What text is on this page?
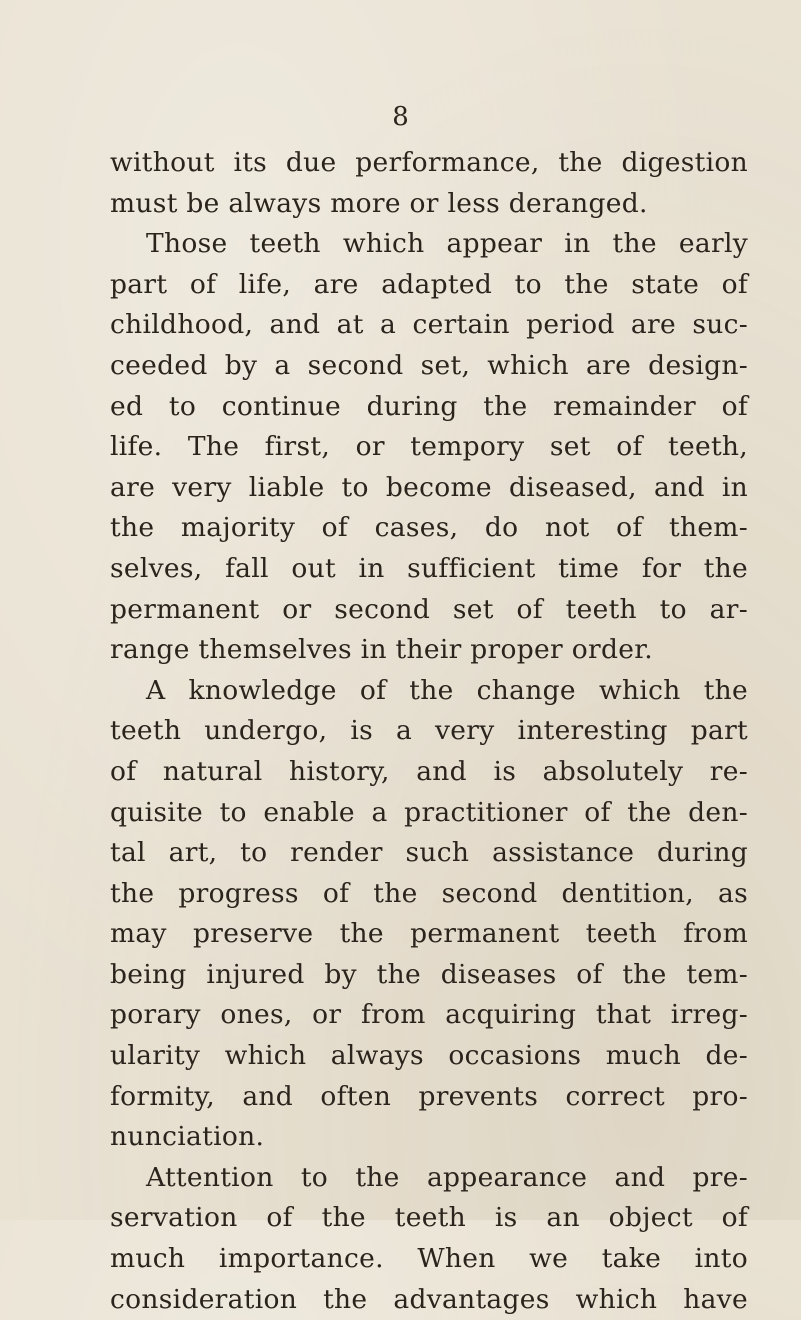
8
without its due performance, the digestion
must be always more or less deranged.
Those teeth which appear in the early
part of life, are adapted to the state of
childhood, and at a certain period are suc-
ceeded by a second set, which are design-
ed to continue during the remainder of
life. The first, or tempory set of teeth,
are very liable to become diseased, and in
the majority of cases, do not of them-
selves, fall out in sufficient time for the
permanent or second set of teeth to ar-
range themselves in their proper order.
A knowledge of the change which the
teeth undergo, is a very interesting part
of natural history, and is absolutely re-
quisite to enable a practitioner of the den-
tal art, to render such assistance during
the progress of the second dentition, as
may preserve the permanent teeth from
being injured by the diseases of the tem-
porary ones, or from acquiring that irreg-
ularity which always occasions much de-
formity, and often prevents correct pro-
nunciation.
Attention to the appearance and pre-
servation of the teeth is an object of
much importance. When we take into
consideration the advantages which have
